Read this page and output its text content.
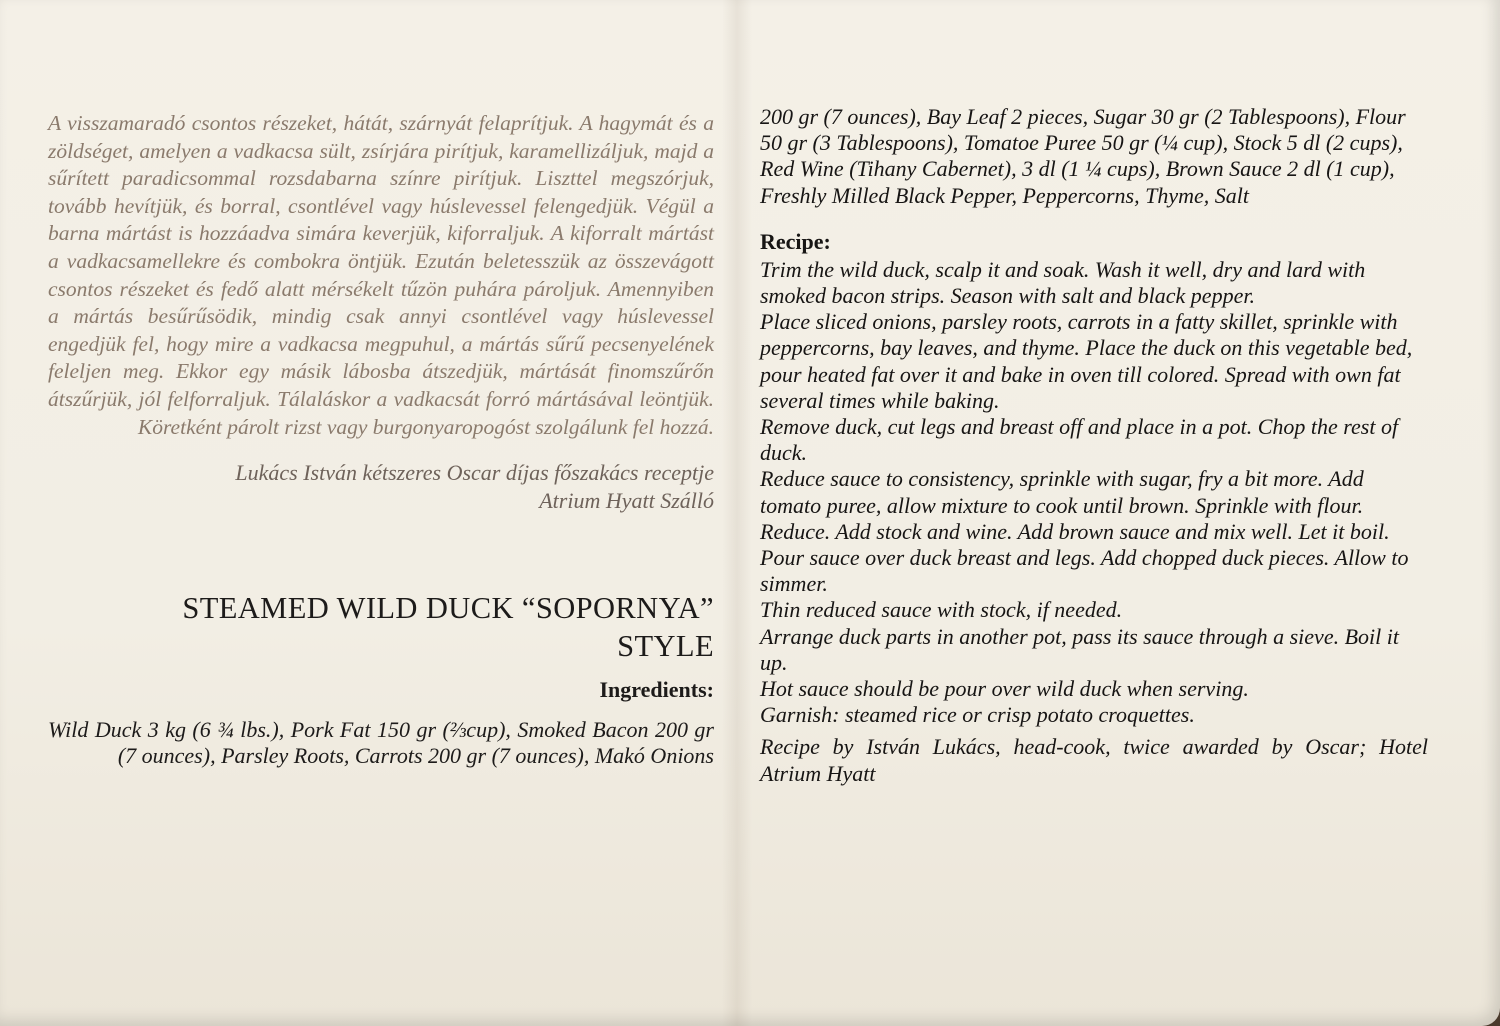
A visszamaradó csontos részeket, hátát, szárnyát felaprítjuk. A hagymát és a zöldséget, amelyen a vadkacsa sült, zsírjára pirítjuk, karamellizáljuk, majd a sűrített paradicsommal rozsdabarna színre pirítjuk. Liszttel megszórjuk, tovább hevítjük, és borral, csontlével vagy húslevessel felengedjük. Végül a barna mártást is hozzáadva simára keverjük, kiforraljuk. A kiforralt mártást a vadkacsamellekre és combokra öntjük. Ezután beletesszük az összevágott csontos részeket és fedő alatt mérsékelt tűzön puhára pároljuk. Amennyiben a mártás besűrűsödik, mindig csak annyi csontlével vagy húslevessel engedjük fel, hogy mire a vadkacsa megpuhul, a mártás sűrű pecsenyelének feleljen meg. Ekkor egy másik lábosba átszedjük, mártását finomszűrőn átszűrjük, jól felforraljuk. Tálaláskor a vadkacsát forró mártásával leöntjük. Köretként párolt rizst vagy burgonyaropogóst szolgálunk fel hozzá.

Lukács István kétszeres Oscar díjas főszakács receptje
Atrium Hyatt Szálló

STEAMED WILD DUCK “SOPORNYA”
STYLE
Ingredients:

Wild Duck 3 kg (6 ¾ lbs.), Pork Fat 150 gr (⅔cup), Smoked Bacon 200 gr (7 ounces), Parsley Roots, Carrots 200 gr (7 ounces), Makó Onions

200 gr (7 ounces), Bay Leaf 2 pieces, Sugar 30 gr (2 Tablespoons), Flour 50 gr (3 Tablespoons), Tomatoe Puree 50 gr (¼ cup), Stock 5 dl (2 cups), Red Wine (Tihany Cabernet), 3 dl (1 ¼ cups), Brown Sauce 2 dl (1 cup), Freshly Milled Black Pepper, Peppercorns, Thyme, Salt

Recipe:
Trim the wild duck, scalp it and soak. Wash it well, dry and lard with smoked bacon strips. Season with salt and black pepper.
Place sliced onions, parsley roots, carrots in a fatty skillet, sprinkle with peppercorns, bay leaves, and thyme. Place the duck on this vegetable bed, pour heated fat over it and bake in oven till colored. Spread with own fat several times while baking.
Remove duck, cut legs and breast off and place in a pot. Chop the rest of duck.
Reduce sauce to consistency, sprinkle with sugar, fry a bit more. Add tomato puree, allow mixture to cook until brown. Sprinkle with flour. Reduce. Add stock and wine. Add brown sauce and mix well. Let it boil.
Pour sauce over duck breast and legs. Add chopped duck pieces. Allow to simmer.
Thin reduced sauce with stock, if needed.
Arrange duck parts in another pot, pass its sauce through a sieve. Boil it up.
Hot sauce should be pour over wild duck when serving.
Garnish: steamed rice or crisp potato croquettes.

Recipe by István Lukács, head-cook, twice awarded by Oscar; Hotel Atrium Hyatt
